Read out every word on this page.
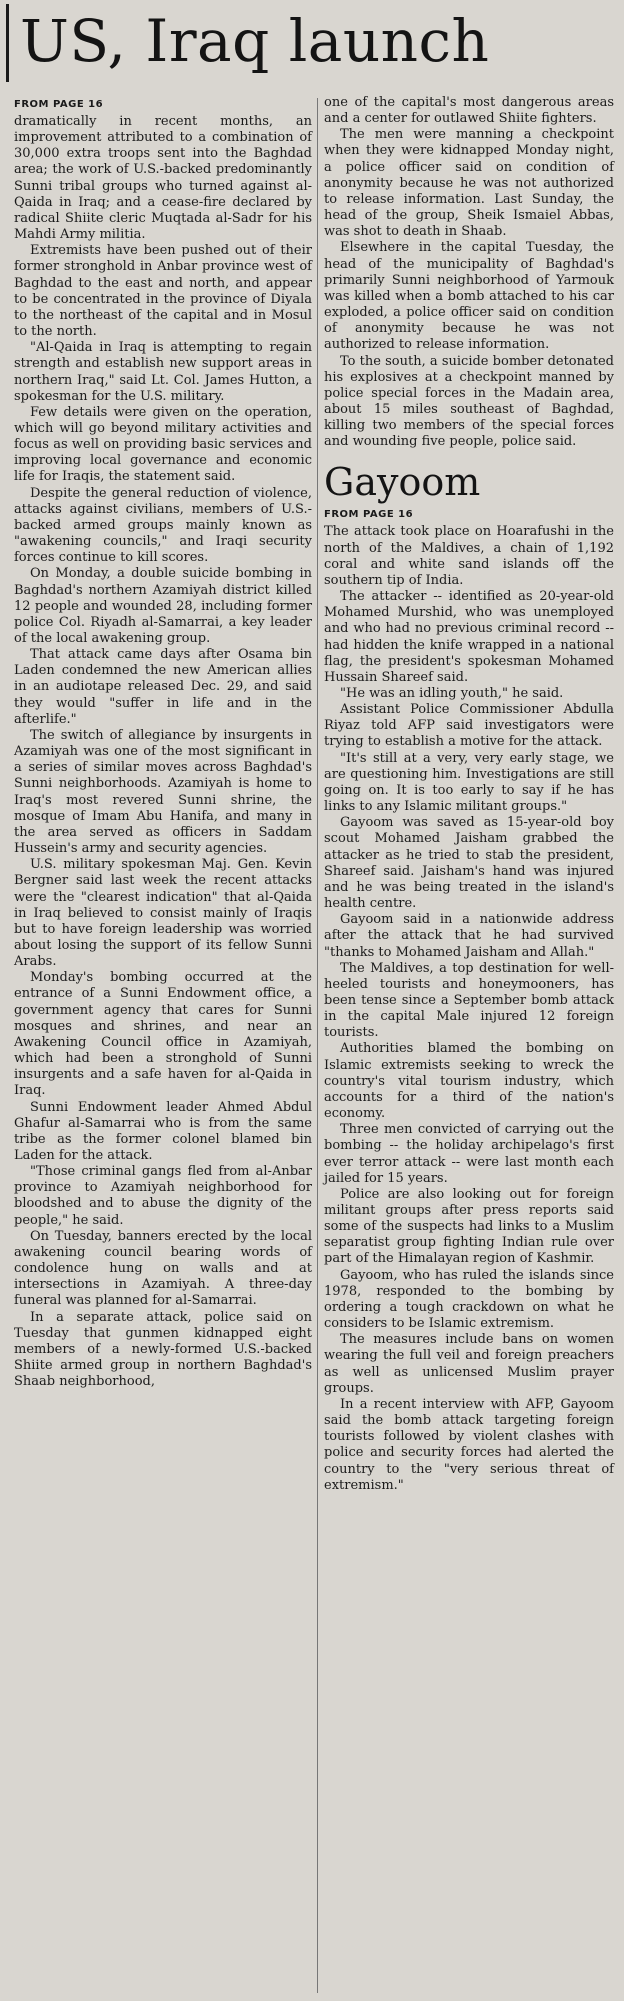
US, Iraq launch
FROM PAGE 16

dramatically in recent months, an improvement attributed to a combination of 30,000 extra troops sent into the Baghdad area; the work of U.S.-backed predominantly Sunni tribal groups who turned against al-Qaida in Iraq; and a cease-fire declared by radical Shiite cleric Muqtada al-Sadr for his Mahdi Army militia.

Extremists have been pushed out of their former stronghold in Anbar province west of Baghdad to the east and north, and appear to be concentrated in the province of Diyala to the northeast of the capital and in Mosul to the north.

"Al-Qaida in Iraq is attempting to regain strength and establish new support areas in northern Iraq," said Lt. Col. James Hutton, a spokesman for the U.S. military.

Few details were given on the operation, which will go beyond military activities and focus as well on providing basic services and improving local governance and economic life for Iraqis, the statement said.

Despite the general reduction of violence, attacks against civilians, members of U.S.-backed armed groups mainly known as "awakening councils," and Iraqi security forces continue to kill scores.

On Monday, a double suicide bombing in Baghdad's northern Azamiyah district killed 12 people and wounded 28, including former police Col. Riyadh al-Samarrai, a key leader of the local awakening group.

That attack came days after Osama bin Laden condemned the new American allies in an audiotape released Dec. 29, and said they would "suffer in life and in the afterlife."

The switch of allegiance by insurgents in Azamiyah was one of the most significant in a series of similar moves across Baghdad's Sunni neighborhoods. Azamiyah is home to Iraq's most revered Sunni shrine, the mosque of Imam Abu Hanifa, and many in the area served as officers in Saddam Hussein's army and security agencies.

U.S. military spokesman Maj. Gen. Kevin Bergner said last week the recent attacks were the "clearest indication" that al-Qaida in Iraq believed to consist mainly of Iraqis but to have foreign leadership was worried about losing the support of its fellow Sunni Arabs.

Monday's bombing occurred at the entrance of a Sunni Endowment office, a government agency that cares for Sunni mosques and shrines, and near an Awakening Council office in Azamiyah, which had been a stronghold of Sunni insurgents and a safe haven for al-Qaida in Iraq.

Sunni Endowment leader Ahmed Abdul Ghafur al-Samarrai who is from the same tribe as the former colonel blamed bin Laden for the attack.

"Those criminal gangs fled from al-Anbar province to Azamiyah neighborhood for bloodshed and to abuse the dignity of the people," he said.

On Tuesday, banners erected by the local awakening council bearing words of condolence hung on walls and at intersections in Azamiyah. A three-day funeral was planned for al-Samarrai.

In a separate attack, police said on Tuesday that gunmen kidnapped eight members of a newly-formed U.S.-backed Shiite armed group in northern Baghdad's Shaab neighborhood,

one of the capital's most dangerous areas and a center for outlawed Shiite fighters.

The men were manning a checkpoint when they were kidnapped Monday night, a police officer said on condition of anonymity because he was not authorized to release information. Last Sunday, the head of the group, Sheik Ismaiel Abbas, was shot to death in Shaab.

Elsewhere in the capital Tuesday, the head of the municipality of Baghdad's primarily Sunni neighborhood of Yarmouk was killed when a bomb attached to his car exploded, a police officer said on condition of anonymity because he was not authorized to release information.

To the south, a suicide bomber detonated his explosives at a checkpoint manned by police special forces in the Madain area, about 15 miles southeast of Baghdad, killing two members of the special forces and wounding five people, police said.

Gayoom
FROM PAGE 16

The attack took place on Hoarafushi in the north of the Maldives, a chain of 1,192 coral and white sand islands off the southern tip of India.

The attacker -- identified as 20-year-old Mohamed Murshid, who was unemployed and who had no previous criminal record -- had hidden the knife wrapped in a national flag, the president's spokesman Mohamed Hussain Shareef said.

"He was an idling youth," he said.

Assistant Police Commissioner Abdulla Riyaz told AFP said investigators were trying to establish a motive for the attack.

"It's still at a very, very early stage, we are questioning him. Investigations are still going on. It is too early to say if he has links to any Islamic militant groups."

Gayoom was saved as 15-year-old boy scout Mohamed Jaisham grabbed the attacker as he tried to stab the president, Shareef said. Jaisham's hand was injured and he was being treated in the island's health centre.

Gayoom said in a nationwide address after the attack that he had survived "thanks to Mohamed Jaisham and Allah."

The Maldives, a top destination for well-heeled tourists and honeymooners, has been tense since a September bomb attack in the capital Male injured 12 foreign tourists.

Authorities blamed the bombing on Islamic extremists seeking to wreck the country's vital tourism industry, which accounts for a third of the nation's economy.

Three men convicted of carrying out the bombing -- the holiday archipelago's first ever terror attack -- were last month each jailed for 15 years.

Police are also looking out for foreign militant groups after press reports said some of the suspects had links to a Muslim separatist group fighting Indian rule over part of the Himalayan region of Kashmir.

Gayoom, who has ruled the islands since 1978, responded to the bombing by ordering a tough crackdown on what he considers to be Islamic extremism.

The measures include bans on women wearing the full veil and foreign preachers as well as unlicensed Muslim prayer groups.

In a recent interview with AFP, Gayoom said the bomb attack targeting foreign tourists followed by violent clashes with police and security forces had alerted the country to the "very serious threat of extremism."
